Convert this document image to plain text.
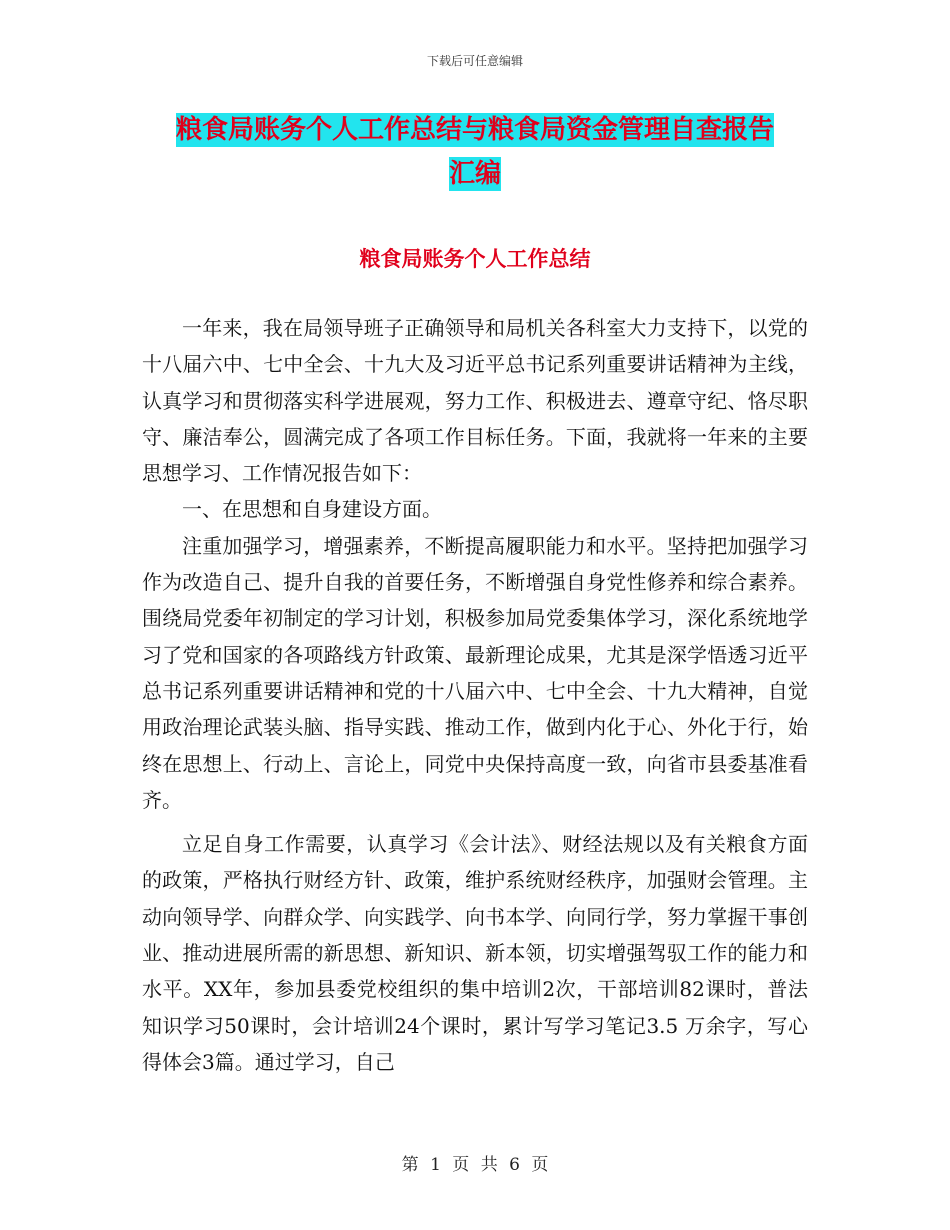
下载后可任意编辑
粮食局账务个人工作总结与粮食局资金管理自查报告
汇编
粮食局账务个人工作总结

一年来，我在局领导班子正确领导和局机关各科室大力支持下，以党的十八届六中、七中全会、十九大及习近平总书记系列重要讲话精神为主线，认真学习和贯彻落实科学进展观，努力工作、积极进去、遵章守纪、恪尽职守、廉洁奉公，圆满完成了各项工作目标任务。下面，我就将一年来的主要思想学习、工作情况报告如下：

一、在思想和自身建设方面。

注重加强学习，增强素养，不断提高履职能力和水平。坚持把加强学习作为改造自己、提升自我的首要任务，不断增强自身党性修养和综合素养。围绕局党委年初制定的学习计划，积极参加局党委集体学习，深化系统地学习了党和国家的各项路线方针政策、最新理论成果，尤其是深学悟透习近平总书记系列重要讲话精神和党的十八届六中、七中全会、十九大精神，自觉用政治理论武装头脑、指导实践、推动工作，做到内化于心、外化于行，始终在思想上、行动上、言论上，同党中央保持高度一致，向省市县委基准看齐。

立足自身工作需要，认真学习《会计法》、财经法规以及有关粮食方面的政策，严格执行财经方针、政策，维护系统财经秩序，加强财会管理。主动向领导学、向群众学、向实践学、向书本学、向同行学，努力掌握干事创业、推动进展所需的新思想、新知识、新本领，切实增强驾驭工作的能力和水平。XX年，参加县委党校组织的集中培训2次，干部培训82课时，普法知识学习50课时，会计培训24个课时，累计写学习笔记3.5 万余字，写心得体会3篇。通过学习，自己

第 1 页 共 6 页
